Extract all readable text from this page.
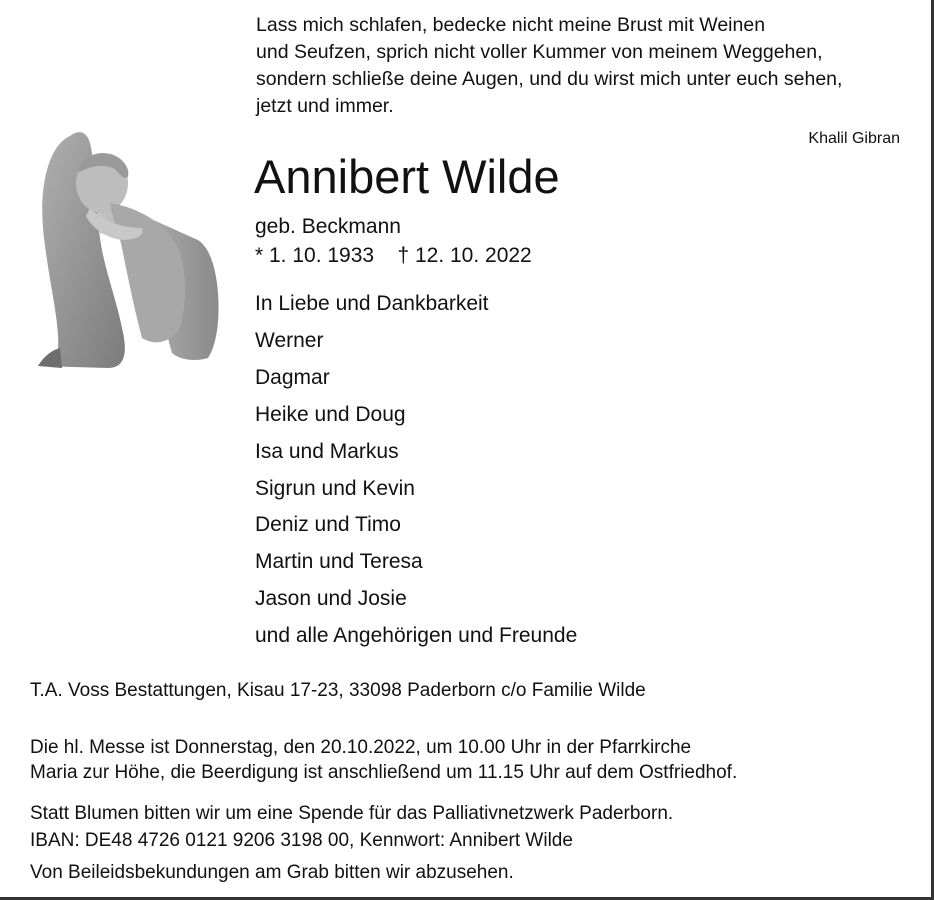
Lass mich schlafen, bedecke nicht meine Brust mit Weinen
und Seufzen, sprich nicht voller Kummer von meinem Weggehen,
sondern schließe deine Augen, und du wirst mich unter euch sehen,
jetzt und immer.
Khalil Gibran
Annibert Wilde
geb. Beckmann
* 1. 10. 1933 † 12. 10. 2022
In Liebe und Dankbarkeit
Werner
Dagmar
Heike und Doug
Isa und Markus
Sigrun und Kevin
Deniz und Timo
Martin und Teresa
Jason und Josie
und alle Angehörigen und Freunde
T.A. Voss Bestattungen, Kisau 17-23, 33098 Paderborn c/o Familie Wilde
Die hl. Messe ist Donnerstag, den 20.10.2022, um 10.00 Uhr in der Pfarrkirche
Maria zur Höhe, die Beerdigung ist anschließend um 11.15 Uhr auf dem Ostfriedhof.
Statt Blumen bitten wir um eine Spende für das Palliativnetzwerk Paderborn.
IBAN: DE48 4726 0121 9206 3198 00, Kennwort: Annibert Wilde
Von Beileidsbekundungen am Grab bitten wir abzusehen.
